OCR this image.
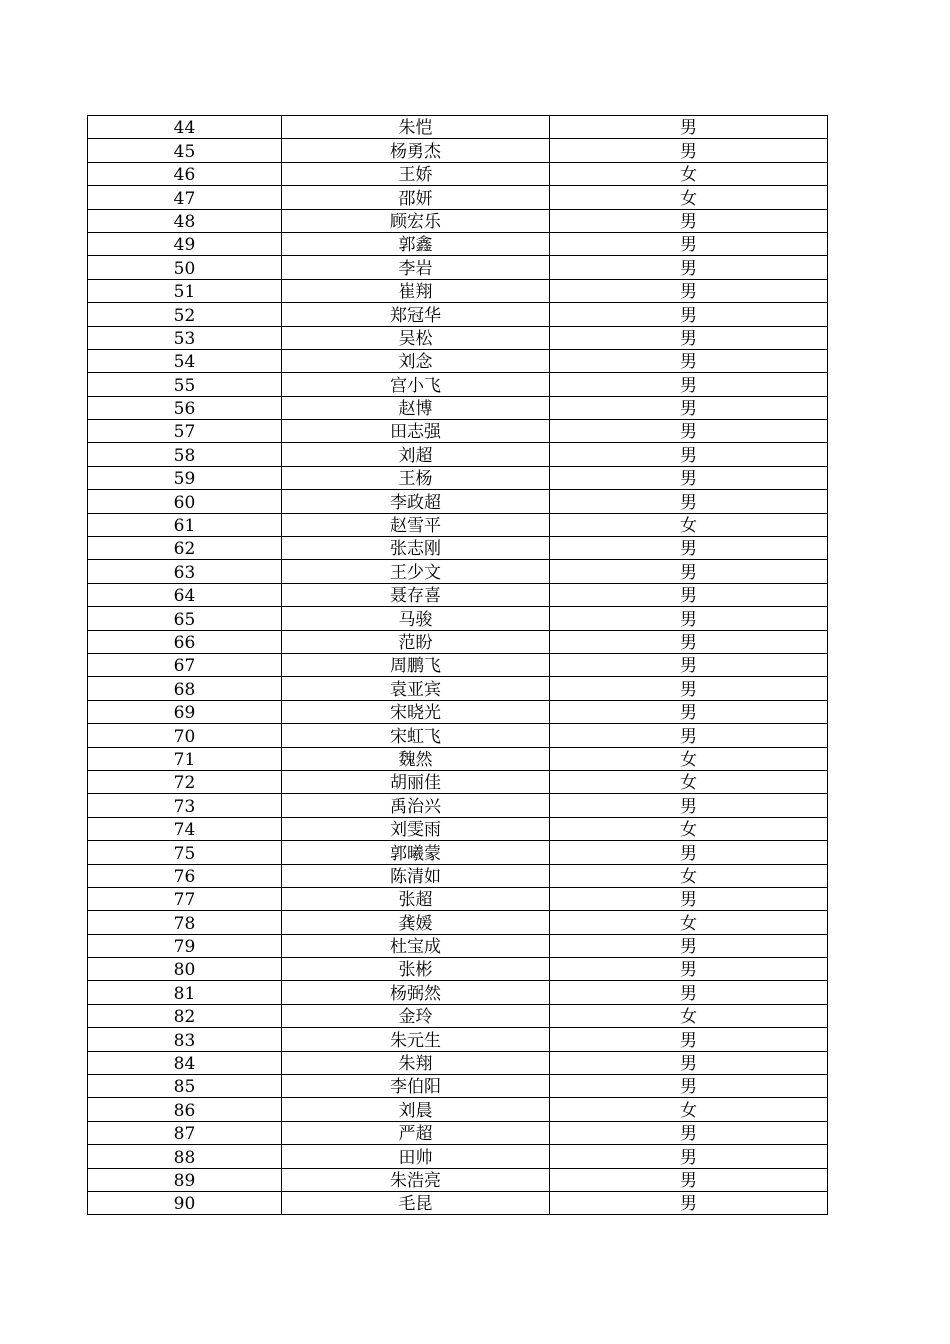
44	朱恺	男
45	杨勇杰	男
46	王娇	女
47	邵妍	女
48	顾宏乐	男
49	郭鑫	男
50	李岩	男
51	崔翔	男
52	郑冠华	男
53	吴松	男
54	刘念	男
55	宫小飞	男
56	赵博	男
57	田志强	男
58	刘超	男
59	王杨	男
60	李政超	男
61	赵雪平	女
62	张志刚	男
63	王少文	男
64	聂存喜	男
65	马骏	男
66	范盼	男
67	周鹏飞	男
68	袁亚宾	男
69	宋晓光	男
70	宋虹飞	男
71	魏然	女
72	胡丽佳	女
73	禹治兴	男
74	刘雯雨	女
75	郭曦蒙	男
76	陈清如	女
77	张超	男
78	龚媛	女
79	杜宝成	男
80	张彬	男
81	杨弼然	男
82	金玲	女
83	朱元生	男
84	朱翔	男
85	李伯阳	男
86	刘晨	女
87	严超	男
88	田帅	男
89	朱浩亮	男
90	毛昆	男
